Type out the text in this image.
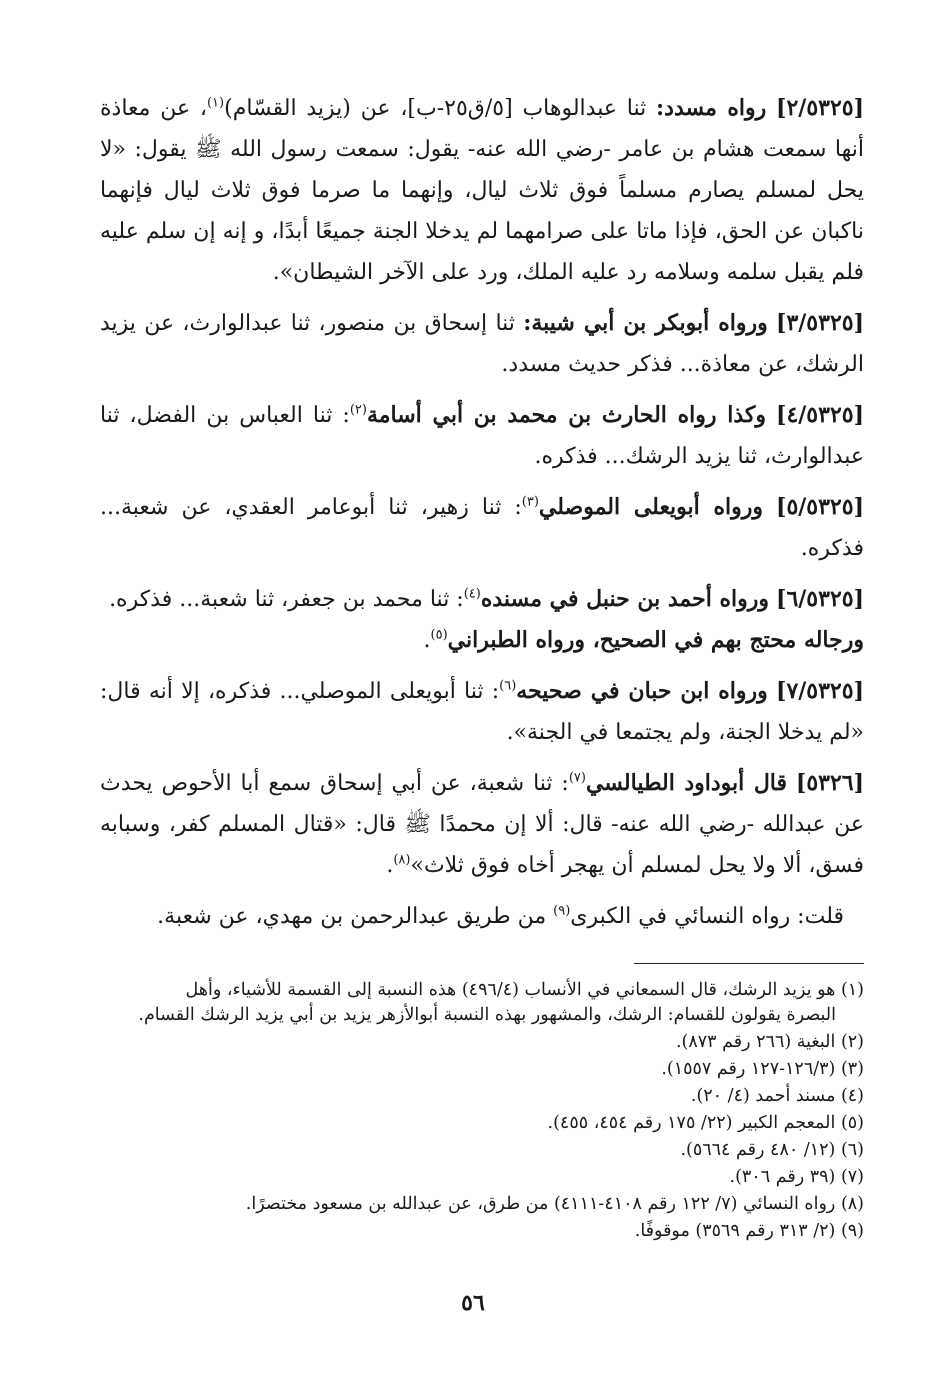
[٢/٥٣٢٥] رواه مسدد: ثنا عبدالوهاب [٥/ق٢٥-ب]، عن (يزيد القسّام)$^{(١)}$، عن معاذة أنها سمعت هشام بن عامر -رضي الله عنه- يقول: سمعت رسول الله ﷺ يقول: «لا يحل لمسلم يصارم مسلماً فوق ثلاث ليال، وإنهما ما صرما فوق ثلاث ليال فإنهما ناكبان عن الحق، فإذا ماتا على صرامهما لم يدخلا الجنة جميعًا أبدًا، و إنه إن سلم عليه فلم يقبل سلمه وسلامه رد عليه الملك، ورد على الآخر الشيطان».
[٣/٥٣٢٥] ورواه أبوبكر بن أبي شيبة: ثنا إسحاق بن منصور، ثنا عبدالوارث، عن يزيد الرشك، عن معاذة... فذكر حديث مسدد.
[٤/٥٣٢٥] وكذا رواه الحارث بن محمد بن أبي أسامة$^{(٢)}$: ثنا العباس بن الفضل، ثنا عبدالوارث، ثنا يزيد الرشك... فذكره.
[٥/٥٣٢٥] ورواه أبويعلى الموصلي$^{(٣)}$: ثنا زهير، ثنا أبوعامر العقدي، عن شعبة... فذكره.
[٦/٥٣٢٥] ورواه أحمد بن حنبل في مسنده$^{(٤)}$: ثنا محمد بن جعفر، ثنا شعبة... فذكره.
ورجاله محتج بهم في الصحيح، ورواه الطبراني$^{(٥)}$.
[٧/٥٣٢٥] ورواه ابن حبان في صحيحه$^{(٦)}$: ثنا أبويعلى الموصلي... فذكره، إلا أنه قال: «لم يدخلا الجنة، ولم يجتمعا في الجنة».
[٥٣٢٦] قال أبوداود الطيالسي$^{(٧)}$: ثنا شعبة، عن أبي إسحاق سمع أبا الأحوص يحدث عن عبدالله -رضي الله عنه- قال: ألا إن محمدًا ﷺ قال: «قتال المسلم كفر، وسبابه فسق، ألا ولا يحل لمسلم أن يهجر أخاه فوق ثلاث»$^{(٨)}$.
قلت: رواه النسائي في الكبرى$^{(٩)}$ من طريق عبدالرحمن بن مهدي، عن شعبة.
(١) هو يزيد الرشك، قال السمعاني في الأنساب (٤٩٦/٤) هذه النسبة إلى القسمة للأشياء، وأهل
البصرة يقولون للقسام: الرشك، والمشهور بهذه النسبة أبوالأزهر يزيد بن أبي يزيد الرشك القسام.
(٢) البغية (٢٦٦ رقم ٨٧٣).
(٣) (١٢٦/٣-١٢٧ رقم ١٥٥٧).
(٤) مسند أحمد (٤/ ٢٠).
(٥) المعجم الكبير (٢٢/ ١٧٥ رقم ٤٥٤، ٤٥٥).
(٦) (١٢/ ٤٨٠ رقم ٥٦٦٤).
(٧) (٣٩ رقم ٣٠٦).
(٨) رواه النسائي (٧/ ١٢٢ رقم ٤١٠٨-٤١١١) من طرق، عن عبدالله بن مسعود مختصرًا.
(٩) (٢/ ٣١٣ رقم ٣٥٦٩) موقوفًا.
٥٦
